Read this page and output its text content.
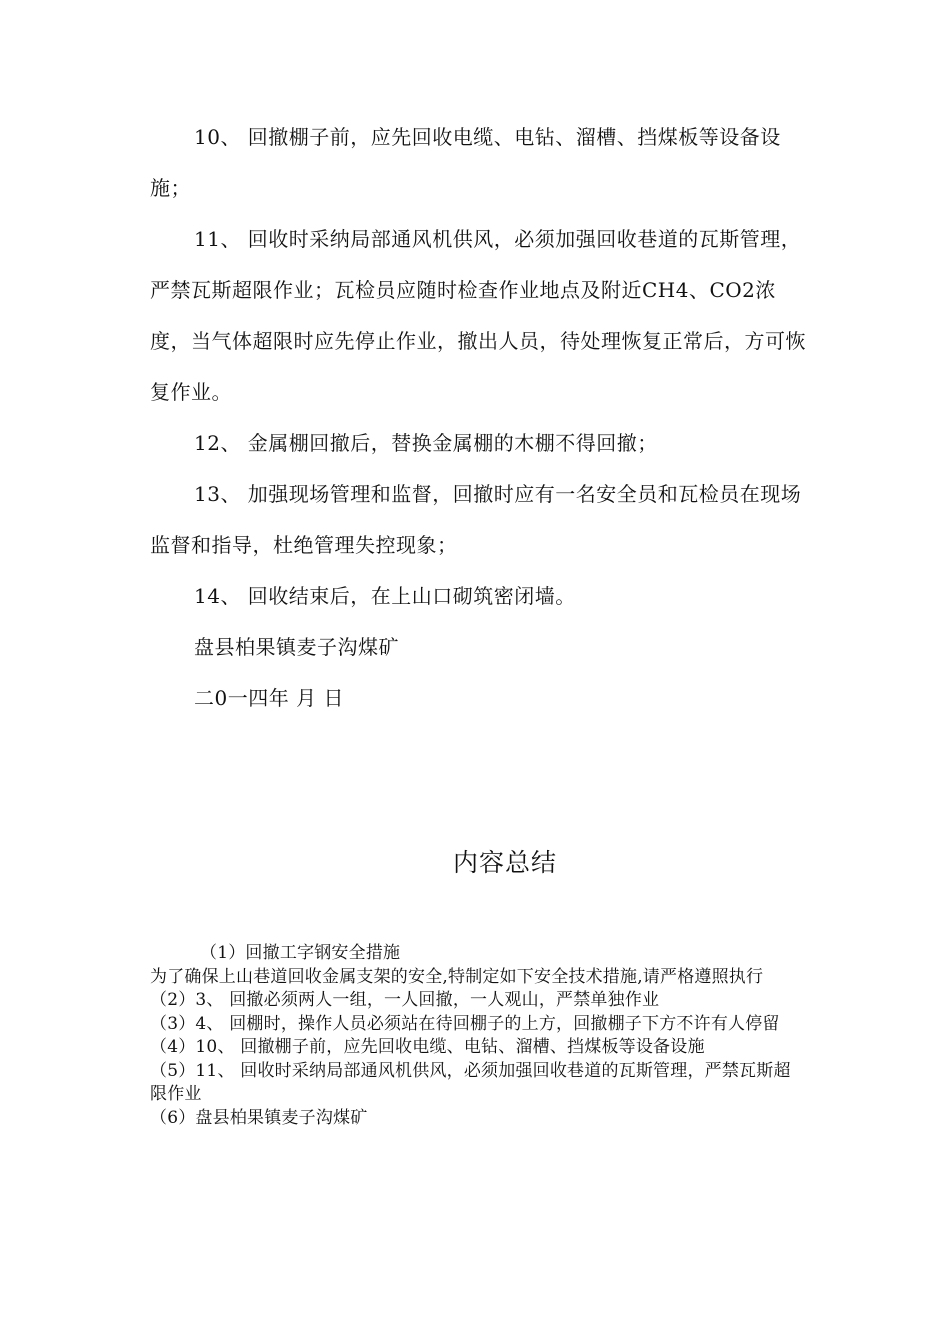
10、 回撤棚子前，应先回收电缆、电钻、溜槽、挡煤板等设备设施；

11、 回收时采纳局部通风机供风，必须加强回收巷道的瓦斯管理，严禁瓦斯超限作业；瓦检员应随时检查作业地点及附近CH4、CO2浓度，当气体超限时应先停止作业，撤出人员，待处理恢复正常后，方可恢复作业。

12、 金属棚回撤后，替换金属棚的木棚不得回撤；

13、 加强现场管理和监督，回撤时应有一名安全员和瓦检员在现场监督和指导，杜绝管理失控现象；

14、 回收结束后，在上山口砌筑密闭墙。

盘县柏果镇麦子沟煤矿

二0一四年 月 日

内容总结

（1）回撤工字钢安全措施

为了确保上山巷道回收金属支架的安全,特制定如下安全技术措施,请严格遵照执行

（2）3、 回撤必须两人一组，一人回撤，一人观山，严禁单独作业

（3）4、 回棚时，操作人员必须站在待回棚子的上方，回撤棚子下方不许有人停留

（4）10、 回撤棚子前，应先回收电缆、电钻、溜槽、挡煤板等设备设施

（5）11、 回收时采纳局部通风机供风，必须加强回收巷道的瓦斯管理，严禁瓦斯超限作业

（6）盘县柏果镇麦子沟煤矿
